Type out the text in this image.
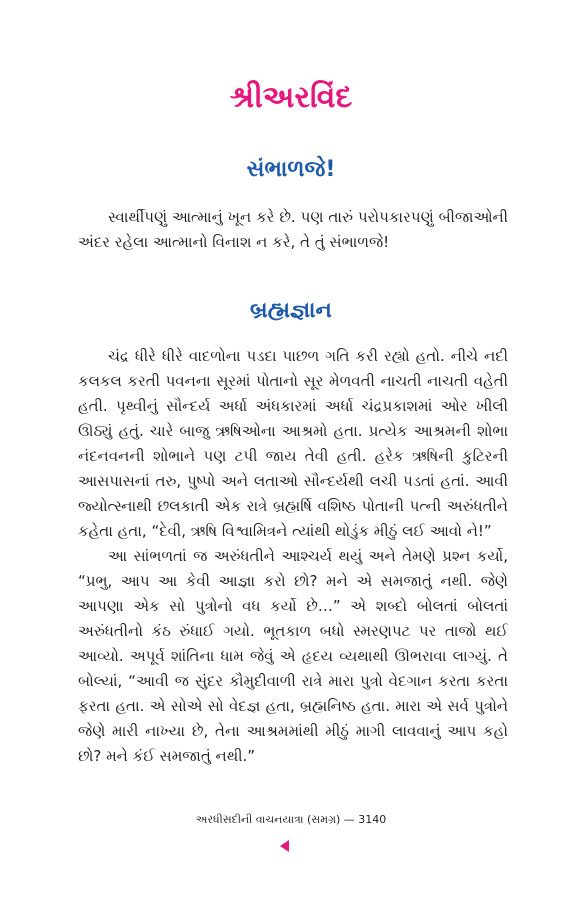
શ્રીઅરવિંદ
સંભાળજે!

સ્વાર્થીપણું આત્માનું ખૂન કરે છે. પણ તારું પરોપકારપણું બીજાઓની અંદર રહેલા આત્માનો વિનાશ ન કરે, તે તું સંભાળજે!

બ્રહ્મજ્ઞાન

ચંદ્ર ધીરે ધીરે વાદળોના પડદા પાછળ ગતિ કરી રહ્યો હતો. નીચે નદી કલકલ કરતી પવનના સૂરમાં પોતાનો સૂર મેળવતી નાચતી નાચતી વહેતી હતી. પૃથ્વીનું સૌન્દર્ય અર્ધા અંધકારમાં અર્ધા ચંદ્રપ્રકાશમાં ઓર ખીલી ઊઠ્યું હતું. ચારે બાજુ ઋષિઓના આશ્રમો હતા. પ્રત્યેક આશ્રમની શોભા નંદનવનની શોભાને પણ ટપી જાય તેવી હતી. હરેક ઋષિની કુટિરની આસપાસનાં તરુ, પુષ્પો અને લતાઓ સૌન્દર્યથી લચી પડતાં હતાં. આવી જ્યોત્સ્નાથી છલકાતી એક રાત્રે બ્રહ્મર્ષિ વશિષ્ઠ પોતાની પત્ની અરુંધતીને કહેતા હતા, “દેવી, ઋષિ વિશ્વામિત્રને ત્યાંથી થોડુંક મીઠું લઈ આવો ને!”

આ સાંભળતાં જ અરુંધતીને આશ્ચર્ય થયું અને તેમણે પ્રશ્ન કર્યો, “પ્રભુ, આપ આ કેવી આજ્ઞા કરો છો? મને એ સમજાતું નથી. જેણે આપણા એક સો પુત્રોનો વધ કર્યો છે…” એ શબ્દો બોલતાં બોલતાં અરુંધતીનો કંઠ રુંધાઈ ગયો. ભૂતકાળ બધો સ્મરણપટ પર તાજો થઈ આવ્યો. અપૂર્વ શાંતિના ધામ જેવું એ હૃદય વ્યથાથી ઊભરાવા લાગ્યું. તે બોલ્યાં, “આવી જ સુંદર કૌમુદીવાળી રાત્રે મારા પુત્રો વેદગાન કરતા કરતા ફરતા હતા. એ સોએ સો વેદજ્ઞ હતા, બ્રહ્મનિષ્ઠ હતા. મારા એ સર્વ પુત્રોને જેણે મારી નાખ્યા છે, તેના આશ્રમમાંથી મીઠું માગી લાવવાનું આપ કહો છો? મને કંઈ સમજાતું નથી.”

અરધીસદીની વાચનયાત્રા (સમગ્ર) — 3140
